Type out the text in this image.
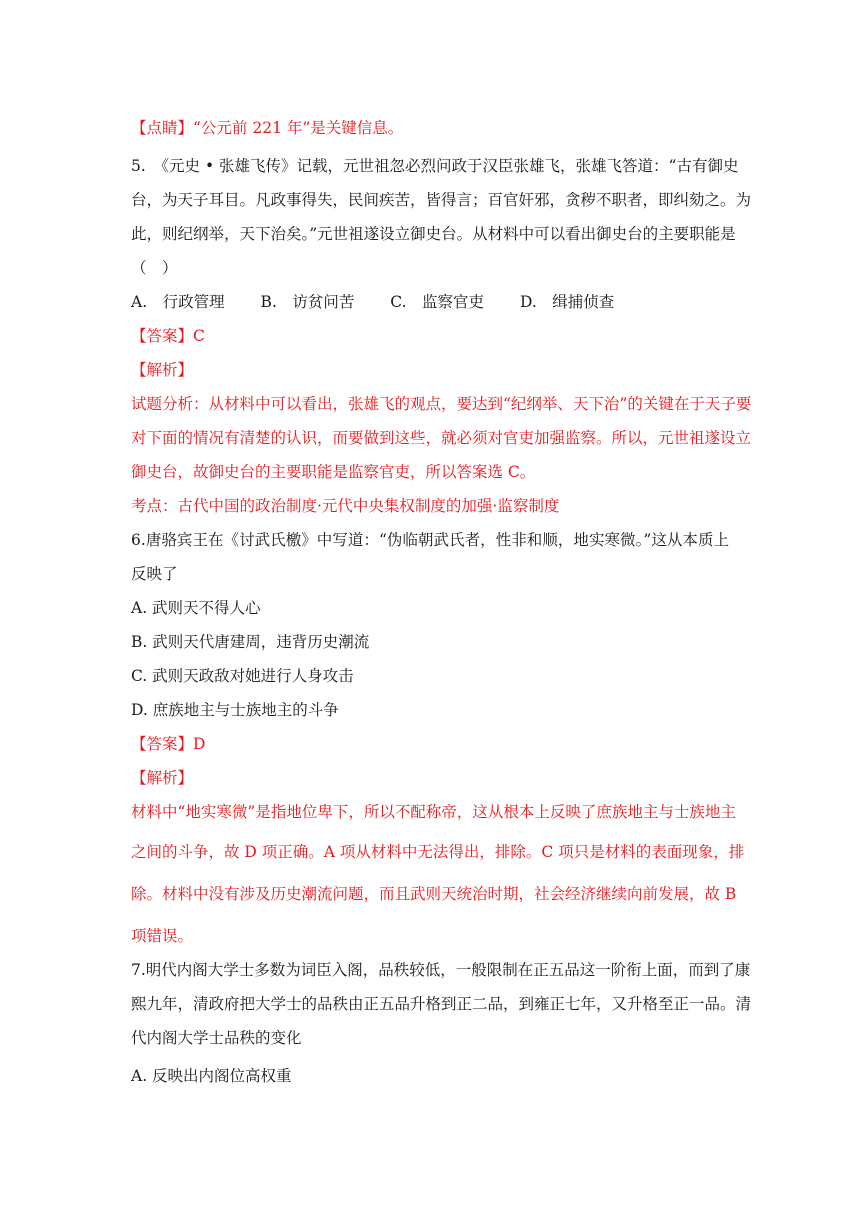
【点睛】“公元前 221 年”是关键信息。
5.　《元史 • 张雄飞传》记载，元世祖忽必烈问政于汉臣张雄飞，张雄飞答道：“古有御史
台，为天子耳目。凡政事得失，民间疾苦，皆得言；百官奸邪，贪秽不职者，即纠劾之。为
此，则纪纲举，天下治矣。”元世祖遂设立御史台。从材料中可以看出御史台的主要职能是
（　）
A.　行政管理　　 B.　访贫问苦　　 C.　监察官吏　　 D.　缉捕侦查
【答案】C
【解析】
试题分析：从材料中可以看出，张雄飞的观点，要达到“纪纲举、天下治”的关键在于天子要
对下面的情况有清楚的认识，而要做到这些，就必须对官吏加强监察。所以，元世祖遂设立
御史台，故御史台的主要职能是监察官吏，所以答案选 C。
考点：古代中国的政治制度·元代中央集权制度的加强·监察制度
6.唐骆宾王在《讨武氏檄》中写道：“伪临朝武氏者，性非和顺，地实寒微。”这从本质上
反映了
A. 武则天不得人心
B. 武则天代唐建周，违背历史潮流
C. 武则天政敌对她进行人身攻击
D. 庶族地主与士族地主的斗争
【答案】D
【解析】
材料中“地实寒微”是指地位卑下，所以不配称帝，这从根本上反映了庶族地主与士族地主
之间的斗争，故 D 项正确。A 项从材料中无法得出，排除。C 项只是材料的表面现象，排
除。材料中没有涉及历史潮流问题，而且武则天统治时期，社会经济继续向前发展，故 B
项错误。
7.明代内阁大学士多数为词臣入阁，品秩较低，一般限制在正五品这一阶衔上面，而到了康
熙九年，清政府把大学士的品秩由正五品升格到正二品，到雍正七年，又升格至正一品。清
代内阁大学士品秩的变化
A. 反映出内阁位高权重
